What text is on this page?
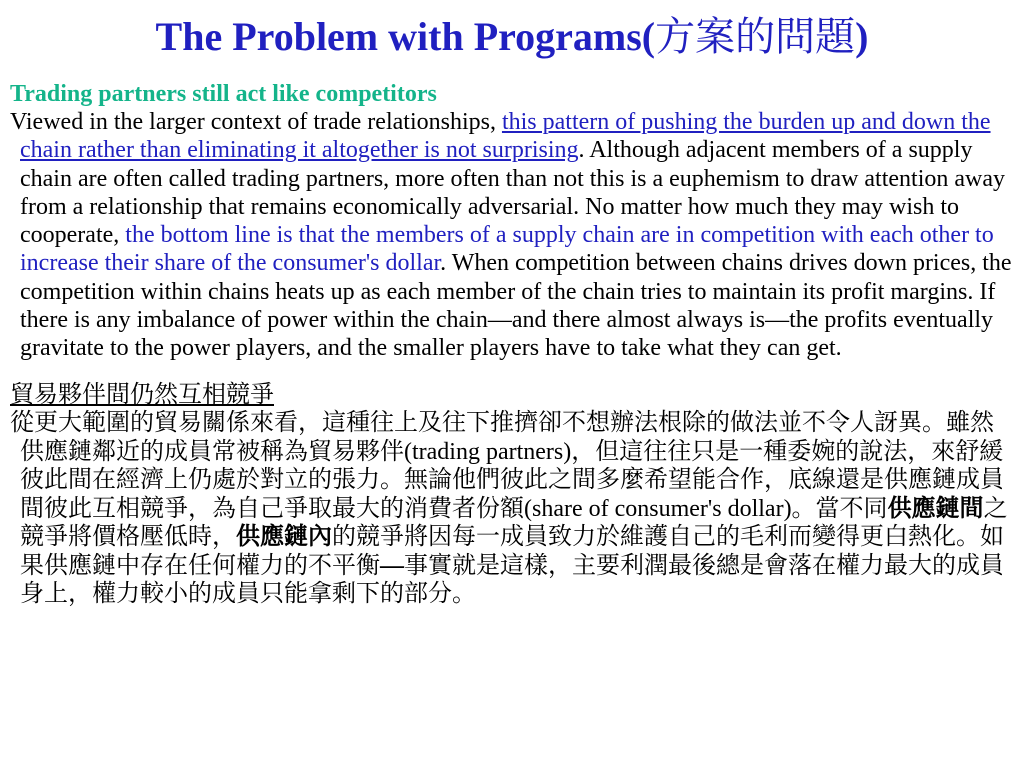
The Problem with Programs(方案的問題)
Trading partners still act like competitors
Viewed in the larger context of trade relationships, this pattern of pushing the burden up and down the chain rather than eliminating it altogether is not surprising. Although adjacent members of a supply chain are often called trading partners, more often than not this is a euphemism to draw attention away from a relationship that remains economically adversarial. No matter how much they may wish to cooperate, the bottom line is that the members of a supply chain are in competition with each other to increase their share of the consumer's dollar. When competition between chains drives down prices, the competition within chains heats up as each member of the chain tries to maintain its profit margins. If there is any imbalance of power within the chain—and there almost always is—the profits eventually gravitate to the power players, and the smaller players have to take what they can get.
貿易夥伴間仍然互相競爭
從更大範圍的貿易關係來看，這種往上及往下推擠卻不想辦法根除的做法並不令人訝異。雖然供應鏈鄰近的成員常被稱為貿易夥伴(trading partners)，但這往往只是一種委婉的說法，來舒緩彼此間在經濟上仍處於對立的張力。無論他們彼此之間多麼希望能合作，底線還是供應鏈成員間彼此互相競爭，為自己爭取最大的消費者份額(share of consumer's dollar)。當不同供應鏈間之競爭將價格壓低時，供應鏈內的競爭將因每一成員致力於維護自己的毛利而變得更白熱化。如果供應鏈中存在任何權力的不平衡—事實就是這樣，主要利潤最後總是會落在權力最大的成員身上，權力較小的成員只能拿剩下的部分。
